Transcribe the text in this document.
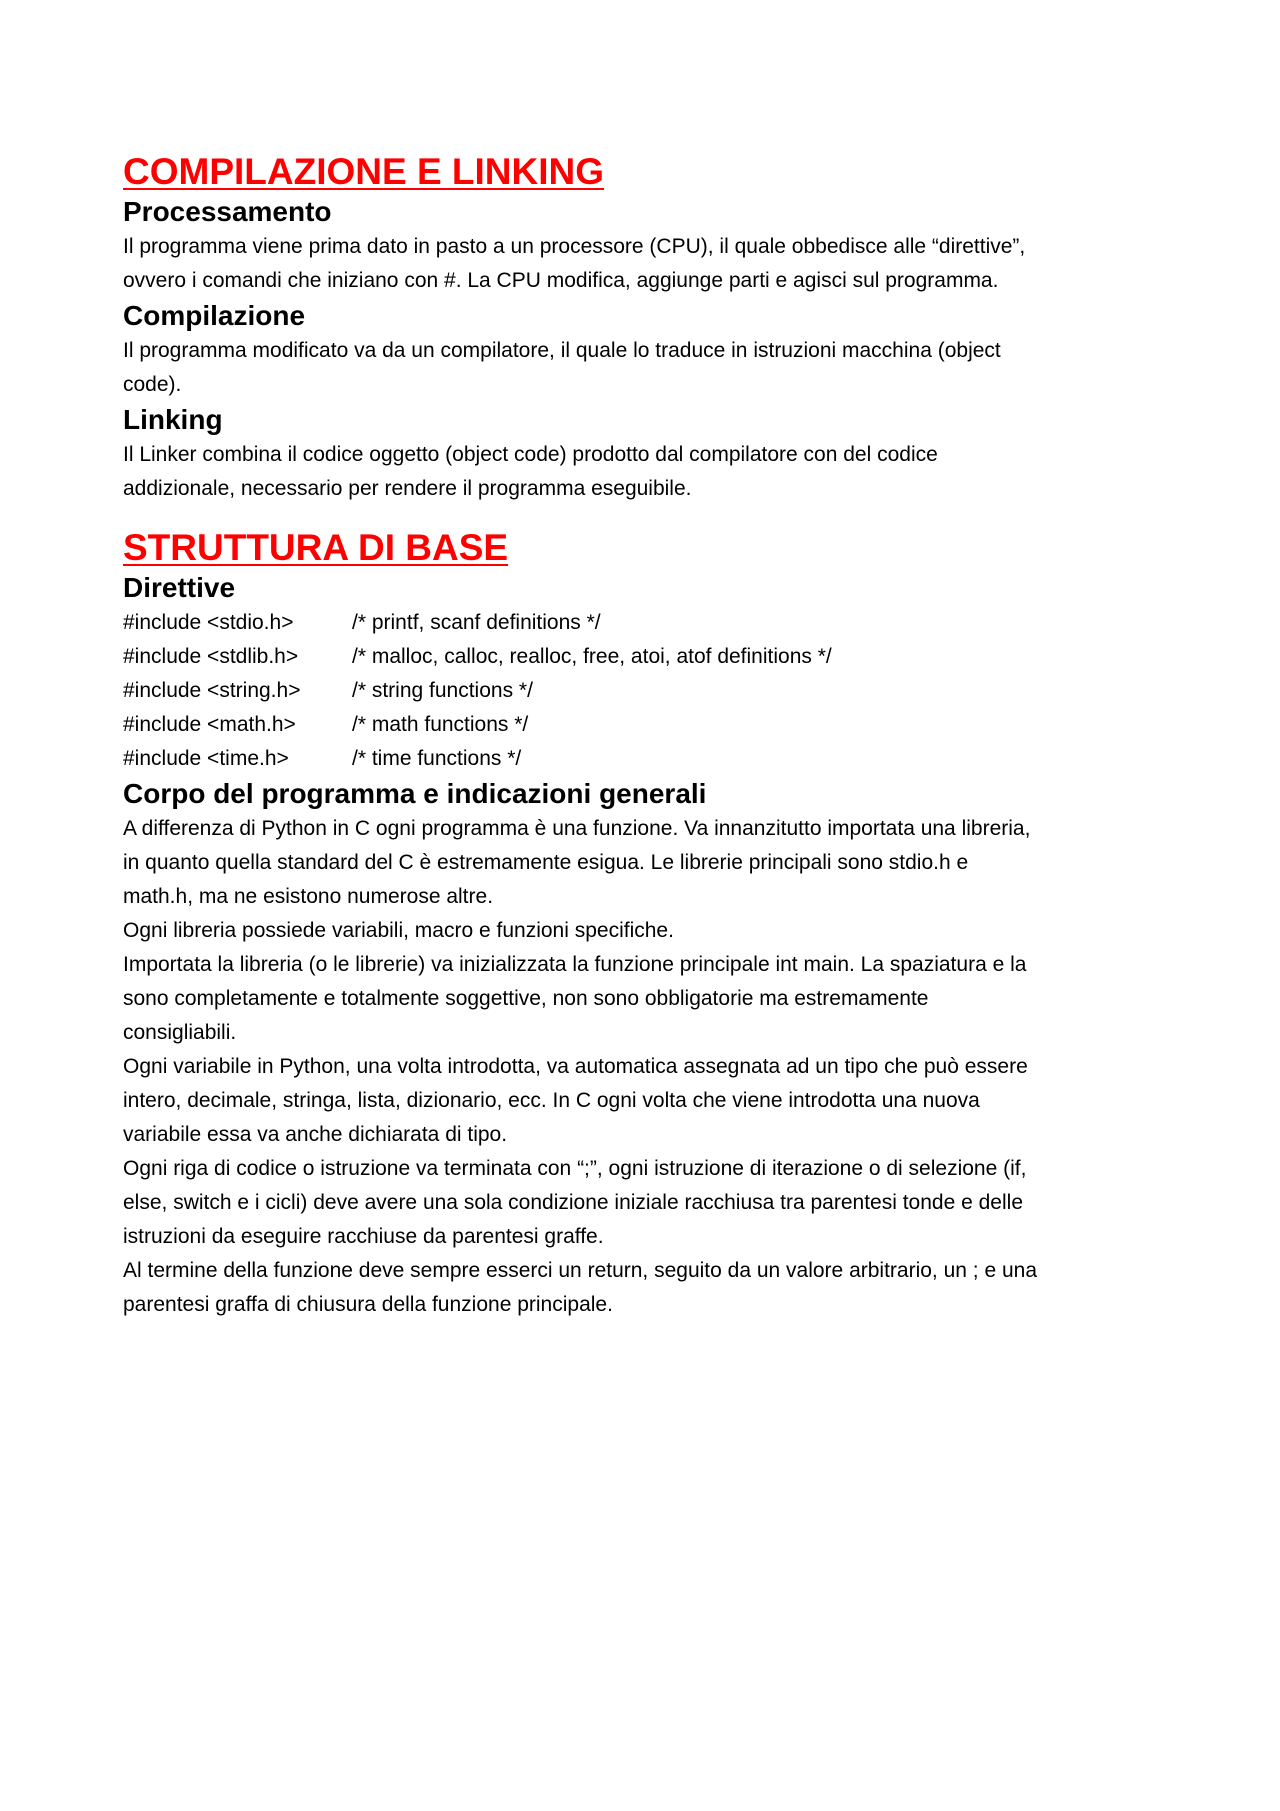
COMPILAZIONE E LINKING
Processamento

Il programma viene prima dato in pasto a un processore (CPU), il quale obbedisce alle “direttive”,

ovvero i comandi che iniziano con #. La CPU modifica, aggiunge parti e agisci sul programma.

Compilazione

Il programma modificato va da un compilatore, il quale lo traduce in istruzioni macchina (object

code).

Linking

Il Linker combina il codice oggetto (object code) prodotto dal compilatore con del codice

addizionale, necessario per rendere il programma eseguibile.

STRUTTURA DI BASE
Direttive
#include <stdio.h>	/* printf, scanf definitions */
#include <stdlib.h>	/* malloc, calloc, realloc, free, atoi, atof definitions */
#include <string.h>	/* string functions */
#include <math.h>	/* math functions */
#include <time.h>	/* time functions */
Corpo del programma e indicazioni generali

A differenza di Python in C ogni programma è una funzione. Va innanzitutto importata una libreria,

in quanto quella standard del C è estremamente esigua. Le librerie principali sono stdio.h e

math.h, ma ne esistono numerose altre.

Ogni libreria possiede variabili, macro e funzioni specifiche.

Importata la libreria (o le librerie) va inizializzata la funzione principale int main. La spaziatura e la

sono completamente e totalmente soggettive, non sono obbligatorie ma estremamente

consigliabili.

Ogni variabile in Python, una volta introdotta, va automatica assegnata ad un tipo che può essere

intero, decimale, stringa, lista, dizionario, ecc. In C ogni volta che viene introdotta una nuova

variabile essa va anche dichiarata di tipo.

Ogni riga di codice o istruzione va terminata con “;”, ogni istruzione di iterazione o di selezione (if,

else, switch e i cicli) deve avere una sola condizione iniziale racchiusa tra parentesi tonde e delle

istruzioni da eseguire racchiuse da parentesi graffe.

Al termine della funzione deve sempre esserci un return, seguito da un valore arbitrario, un ; e una

parentesi graffa di chiusura della funzione principale.
